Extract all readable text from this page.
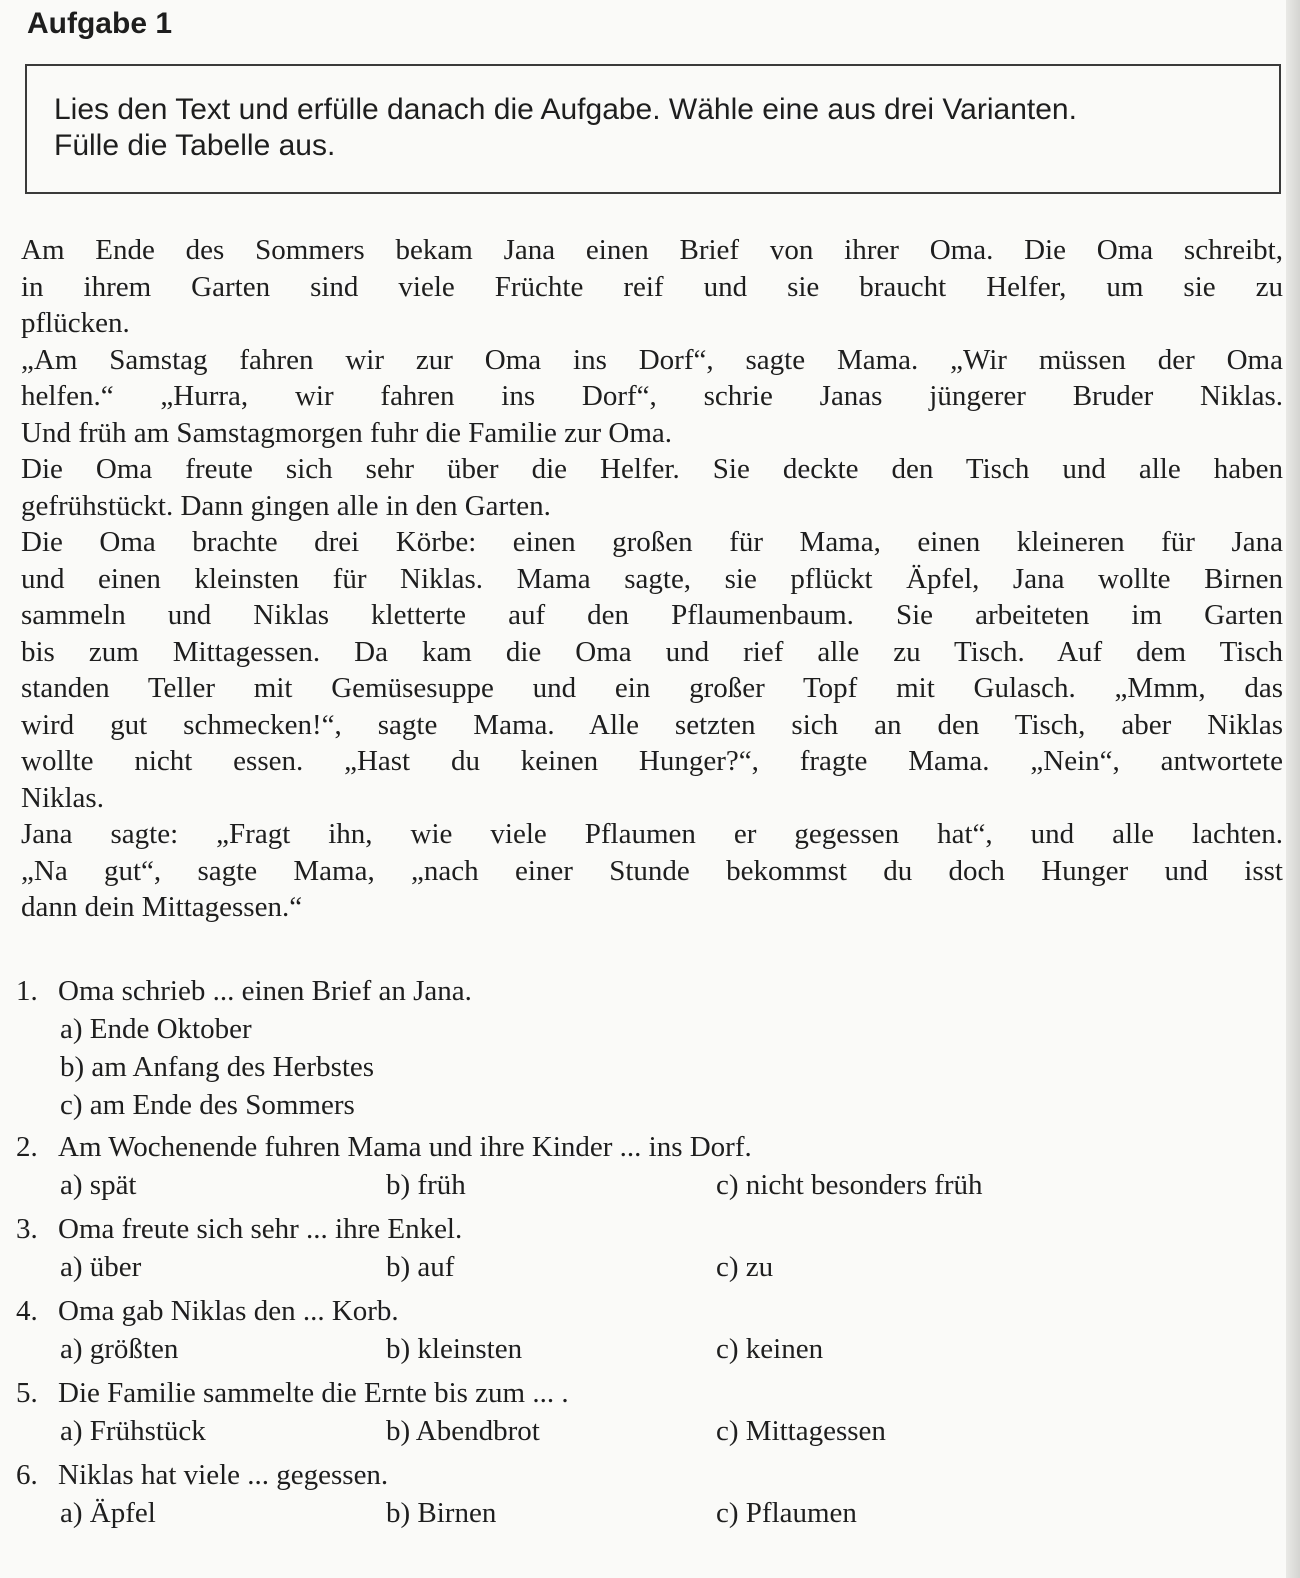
Aufgabe 1

Lies den Text und erfülle danach die Aufgabe. Wähle eine aus drei Varianten.

Fülle die Tabelle aus.

Am Ende des Sommers bekam Jana einen Brief von ihrer Oma. Die Oma schreibt,

in ihrem Garten sind viele Früchte reif und sie braucht Helfer, um sie zu

pflücken.

„Am Samstag fahren wir zur Oma ins Dorf“, sagte Mama. „Wir müssen der Oma

helfen.“ „Hurra, wir fahren ins Dorf“, schrie Janas jüngerer Bruder Niklas.

Und früh am Samstagmorgen fuhr die Familie zur Oma.

Die Oma freute sich sehr über die Helfer. Sie deckte den Tisch und alle haben

gefrühstückt. Dann gingen alle in den Garten.

Die Oma brachte drei Körbe: einen großen für Mama, einen kleineren für Jana

und einen kleinsten für Niklas. Mama sagte, sie pflückt Äpfel, Jana wollte Birnen

sammeln und Niklas kletterte auf den Pflaumenbaum. Sie arbeiteten im Garten

bis zum Mittagessen. Da kam die Oma und rief alle zu Tisch. Auf dem Tisch

standen Teller mit Gemüsesuppe und ein großer Topf mit Gulasch. „Mmm, das

wird gut schmecken!“, sagte Mama. Alle setzten sich an den Tisch, aber Niklas

wollte nicht essen. „Hast du keinen Hunger?“, fragte Mama. „Nein“, antwortete

Niklas.

Jana sagte: „Fragt ihn, wie viele Pflaumen er gegessen hat“, und alle lachten.

„Na gut“, sagte Mama, „nach einer Stunde bekommst du doch Hunger und isst

dann dein Mittagessen.“

1. Oma schrieb ... einen Brief an Jana.
a) Ende Oktober
b) am Anfang des Herbstes
c) am Ende des Sommers
2. Am Wochenende fuhren Mama und ihre Kinder ... ins Dorf.
a) spät	b) früh	c) nicht besonders früh
3. Oma freute sich sehr ... ihre Enkel.
a) über	b) auf	c) zu
4. Oma gab Niklas den ... Korb.
a) größten	b) kleinsten	c) keinen
5. Die Familie sammelte die Ernte bis zum ... .
a) Frühstück	b) Abendbrot	c) Mittagessen
6. Niklas hat viele ... gegessen.
a) Äpfel	b) Birnen	c) Pflaumen
